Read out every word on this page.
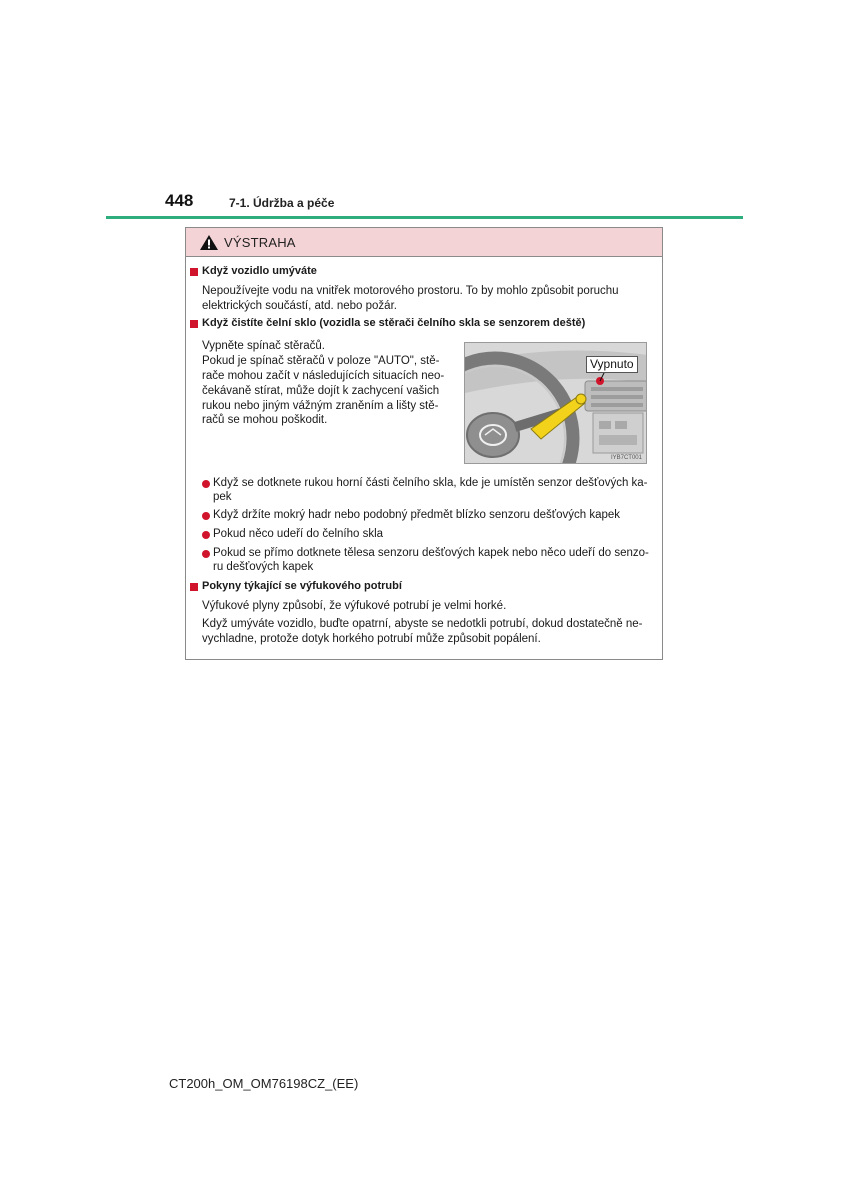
448	7-1. Údržba a péče
VÝSTRAHA
Když vozidlo umýváte
Nepoužívejte vodu na vnitřek motorového prostoru. To by mohlo způsobit poruchu
elektrických součástí, atd. nebo požár.
Když čistíte čelní sklo (vozidla se stěrači čelního skla se senzorem deště)
Vypněte spínač stěračů.
Pokud je spínač stěračů v poloze "AUTO", stě-
rače mohou začít v následujících situacích neo-
čekávaně stírat, může dojít k zachycení vašich
rukou nebo jiným vážným zraněním a lišty stě-
račů se mohou poškodit.
Vypnuto
IYB7CT001
Když se dotknete rukou horní části čelního skla, kde je umístěn senzor dešťových ka-
pek
Když držíte mokrý hadr nebo podobný předmět blízko senzoru dešťových kapek
Pokud něco udeří do čelního skla
Pokud se přímo dotknete tělesa senzoru dešťových kapek nebo něco udeří do senzo-
ru dešťových kapek
Pokyny týkající se výfukového potrubí
Výfukové plyny způsobí, že výfukové potrubí je velmi horké.
Když umýváte vozidlo, buďte opatrní, abyste se nedotkli potrubí, dokud dostatečně ne-
vychladne, protože dotyk horkého potrubí může způsobit popálení.
CT200h_OM_OM76198CZ_(EE)
